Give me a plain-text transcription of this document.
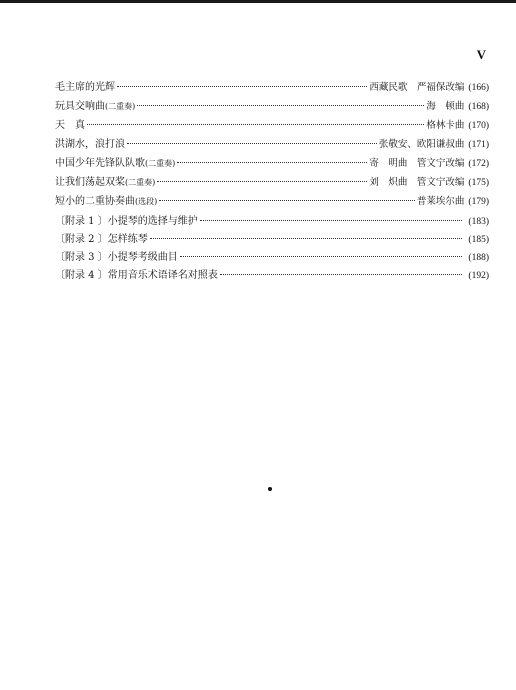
V
毛主席的光辉	西藏民歌　严福保改编 (166)
玩具交响曲(二重奏)	海　顿曲 (168)
天　真	格林卡曲 (170)
洪湖水，浪打浪	张敬安、欧阳谦叔曲 (171)
中国少年先锋队队歌(二重奏)	寄　明曲　管文宁改编 (172)
让我们荡起双桨(二重奏)	刘　炽曲　管文宁改编 (175)
短小的二重协奏曲(选段)	普莱埃尔曲 (179)
〔附录 1 〕小提琴的选择与维护	(183)
〔附录 2 〕怎样练琴	(185)
〔附录 3 〕小提琴考级曲目	(188)
〔附录 4 〕常用音乐术语译名对照表	(192)
